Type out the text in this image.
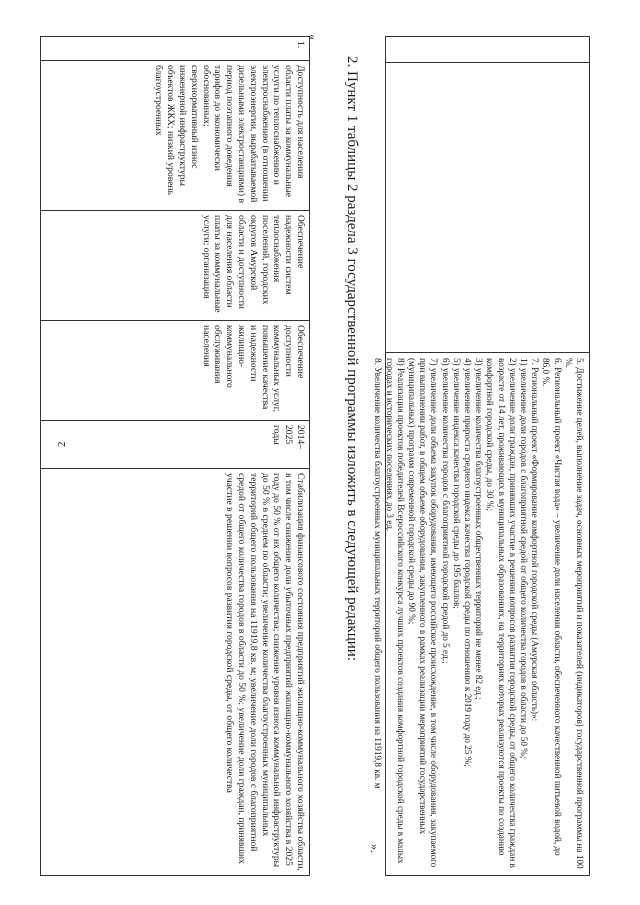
2	5. Достижение целей, выполнение задач, основных мероприятий и показателей (индикаторов) государственной программы на 100 %.

6. Региональный проект «Чистая вода» – увеличение доли населения области, обеспеченного качественной питьевой водой, до 86,0 %.

7. Региональный проект «Формирование комфортной городской среды (Амурская область)»:

1) увеличение доли городов с благоприятной средой от общего количества городов в области до 50 %;

2) увеличение доли граждан, принявших участие в решении вопросов развития городской среды, от общего количества граждан в возрасте от 14 лет, проживающих в муниципальных образованиях, на территориях которых реализуются проекты по созданию комфортной городской среды, до 30 %;

3) увеличение количества благоустроенных общественных территорий не менее 82 ед.;

4) увеличение прироста среднего индекса качества городской среды по отношению к 2019 году до 25 %;

5) увеличение индекса качества городской среды до 195 баллов;

6) увеличение количества городов с благоприятной городской средой до 5 ед.;

7) увеличение доли объема закупок оборудования, имеющего российское происхождение, в том числе оборудования, закупаемого при выполнении работ, в общем объеме оборудования, закупленного в рамках реализации мероприятий государственных (муниципальных) программ современной городской среды до 90 %;

8) Реализация проектов победителей Всероссийского конкурса лучших проектов создания комфортной городской среды в малых городах и исторических поселениях до 3 ед.

8. Увеличение количества благоустроенных муниципальных территорий общего пользования на 11919,8 кв. м

».
«
2. Пункт 1 таблицы 2 раздела 3 государственной программы изложить в следующей редакции:

1.

Доступность для населения области платы за коммунальные услуги по теплоснабжению и электроснабжению (в отношении электроэнергии, вырабатываемой дизельными электростанциями) в период поэтапного доведения тарифов до экономически обоснованных; сверхнормативный износ инженерной инфраструктуры объектов ЖКХ; низкий уровень благоустроенных

Обеспечение надежности систем теплоснабжения поселений, городских округов Амурской области и доступности для населения области платы за коммунальные услуги; организация

Обеспечение доступности коммунальных услуг, повышение качества и надежности жилищно-коммунального обслуживания населения

2014–2025 годы

Стабилизация финансового состояния предприятий жилищно-коммунального хозяйства области, в том числе снижение доли убыточных предприятий жилищно-коммунального хозяйства в 2025 году до 50 % от их общего количества; снижение уровня износа коммунальной инфраструктуры до 50 % в среднем по области; увеличение количества благоустроенных муниципальных территорий общего пользования на 11919,8 кв. м; увеличение доли городов с благоприятной средой от общего количества городов в области до 50 %; увеличение доли граждан, принявших участие в решении вопросов развития городской среды, от общего количества
